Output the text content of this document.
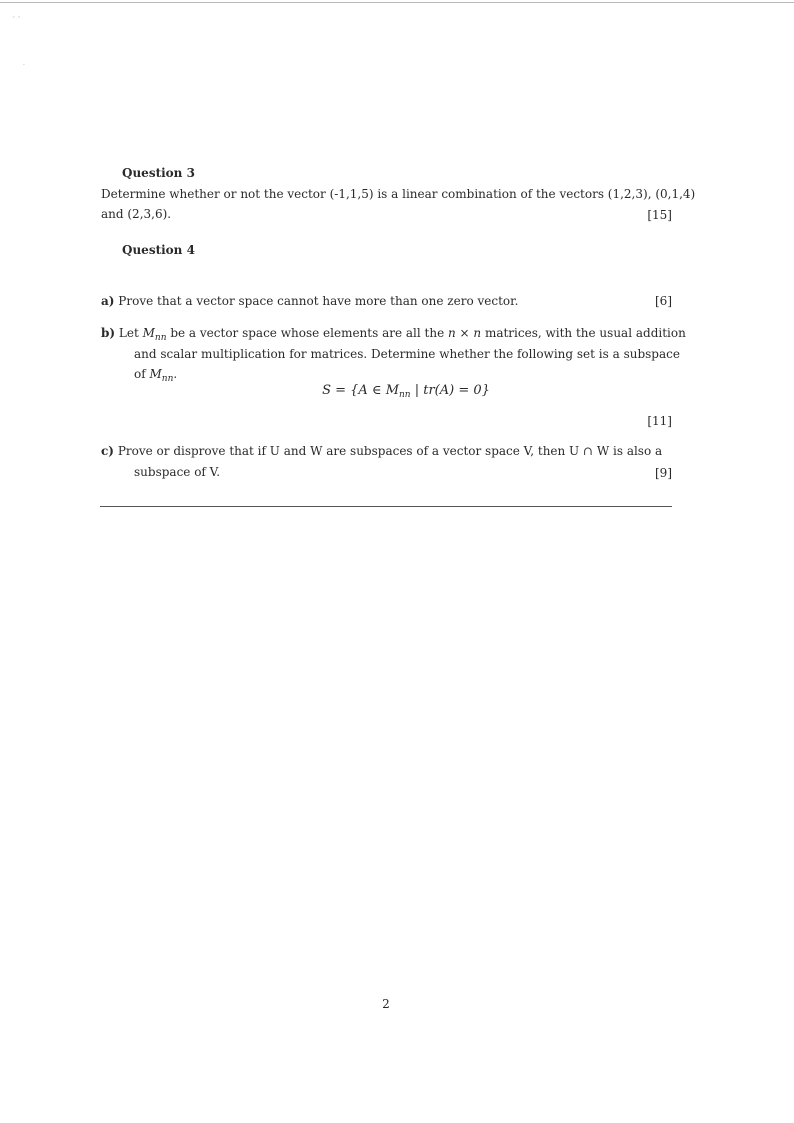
◦ ◦
·
Question 3
Determine whether or not the vector (-1,1,5) is a linear combination of the vectors (1,2,3), (0,1,4)
and (2,3,6).	[15]
Question 4
a) Prove that a vector space cannot have more than one zero vector.	[6]
b) Let $M_{nn}$ be a vector space whose elements are all the n × n matrices, with the usual addition
and scalar multiplication for matrices. Determine whether the following set is a subspace
of $M_{nn}$.
S = {A ∈ $M_{nn}$ | tr(A) = 0}
[11]
c) Prove or disprove that if U and W are subspaces of a vector space V, then U ∩ W is also a
subspace of V.	[9]
2
